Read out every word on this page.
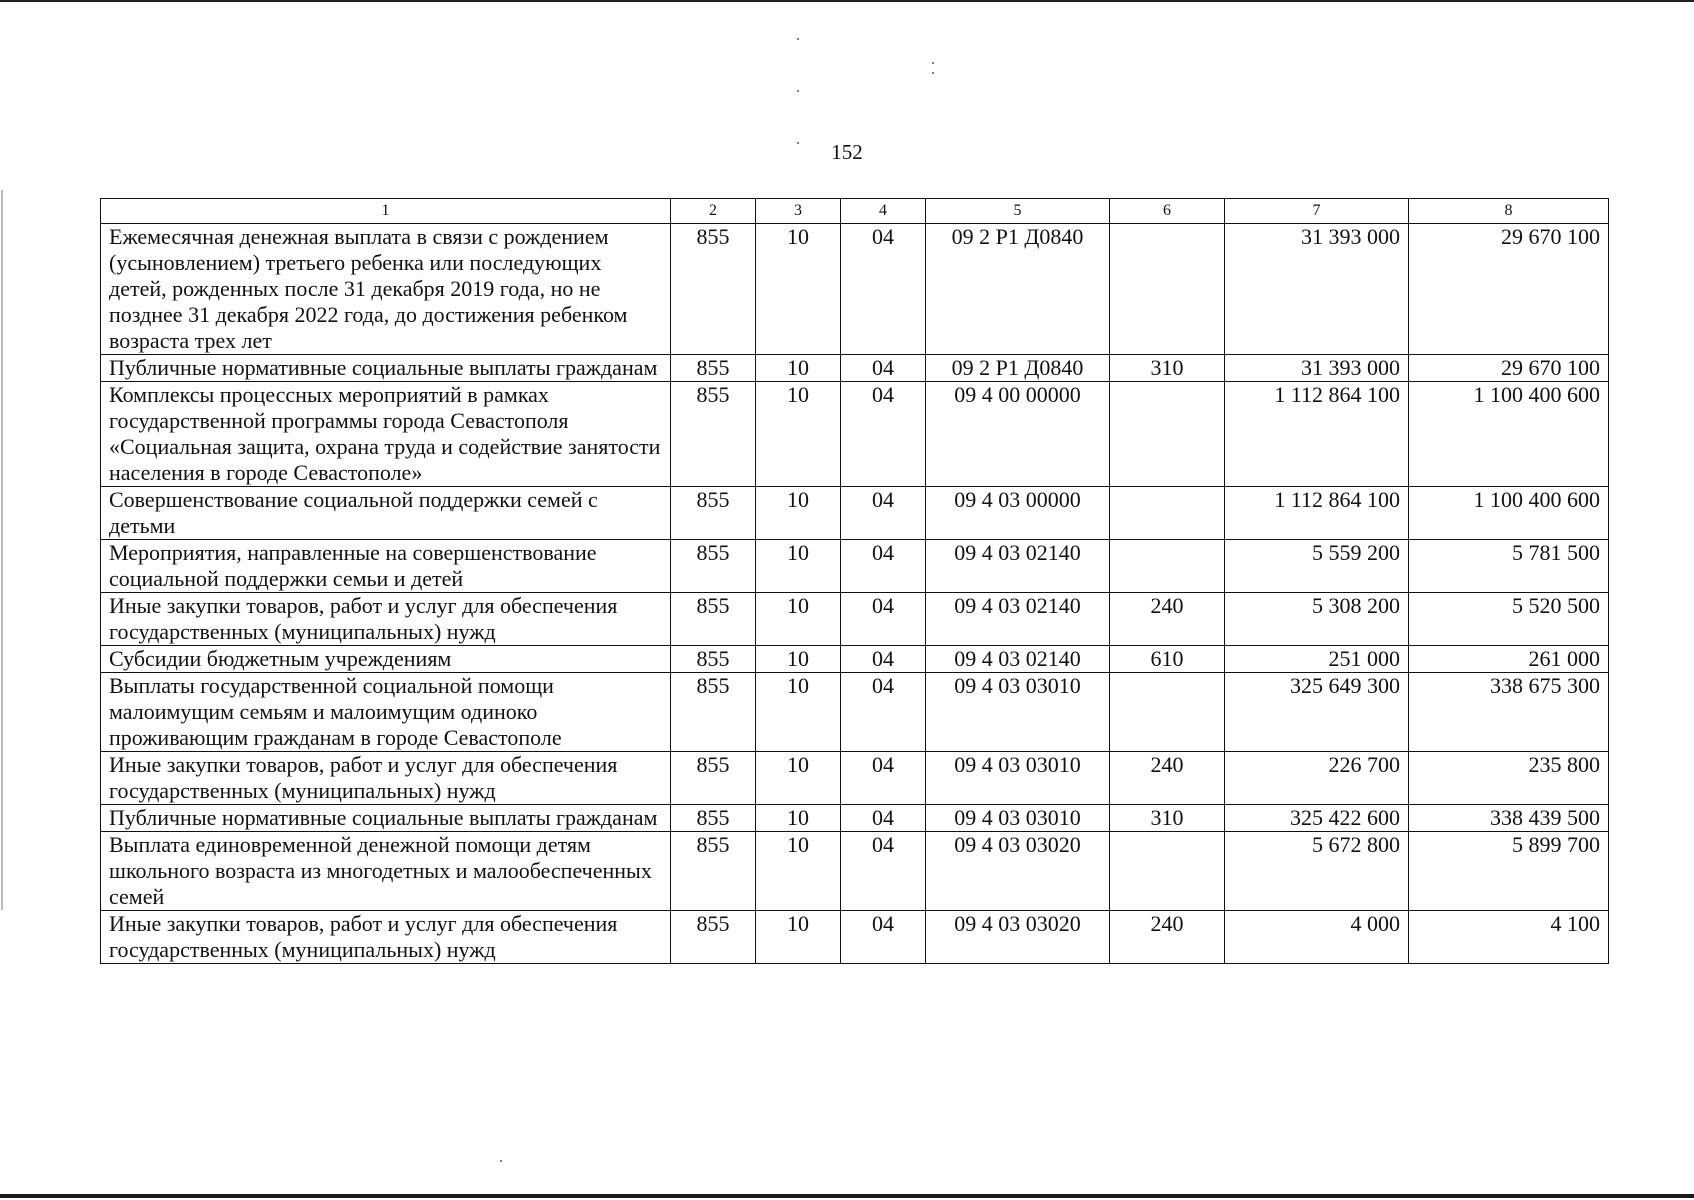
152
1	2	3	4	5	6	7	8
Ежемесячная денежная выплата в связи с рождением (усыновлением) третьего ребенка или последующих детей, рожденных после 31 декабря 2019 года, но не позднее 31 декабря 2022 года, до достижения ребенком возраста трех лет	855	10	04	09 2 P1 Д0840		31 393 000	29 670 100
Публичные нормативные социальные выплаты гражданам	855	10	04	09 2 P1 Д0840	310	31 393 000	29 670 100
Комплексы процессных мероприятий в рамках государственной программы города Севастополя «Социальная защита, охрана труда и содействие занятости населения в городе Севастополе»	855	10	04	09 4 00 00000		1 112 864 100	1 100 400 600
Совершенствование социальной поддержки семей с детьми	855	10	04	09 4 03 00000		1 112 864 100	1 100 400 600
Мероприятия, направленные на совершенствование социальной поддержки семьи и детей	855	10	04	09 4 03 02140		5 559 200	5 781 500
Иные закупки товаров, работ и услуг для обеспечения государственных (муниципальных) нужд	855	10	04	09 4 03 02140	240	5 308 200	5 520 500
Субсидии бюджетным учреждениям	855	10	04	09 4 03 02140	610	251 000	261 000
Выплаты государственной социальной помощи малоимущим семьям и малоимущим одиноко проживающим гражданам в городе Севастополе	855	10	04	09 4 03 03010		325 649 300	338 675 300
Иные закупки товаров, работ и услуг для обеспечения государственных (муниципальных) нужд	855	10	04	09 4 03 03010	240	226 700	235 800
Публичные нормативные социальные выплаты гражданам	855	10	04	09 4 03 03010	310	325 422 600	338 439 500
Выплата единовременной денежной помощи детям школьного возраста из многодетных и малообеспеченных семей	855	10	04	09 4 03 03020		5 672 800	5 899 700
Иные закупки товаров, работ и услуг для обеспечения государственных (муниципальных) нужд	855	10	04	09 4 03 03020	240	4 000	4 100
